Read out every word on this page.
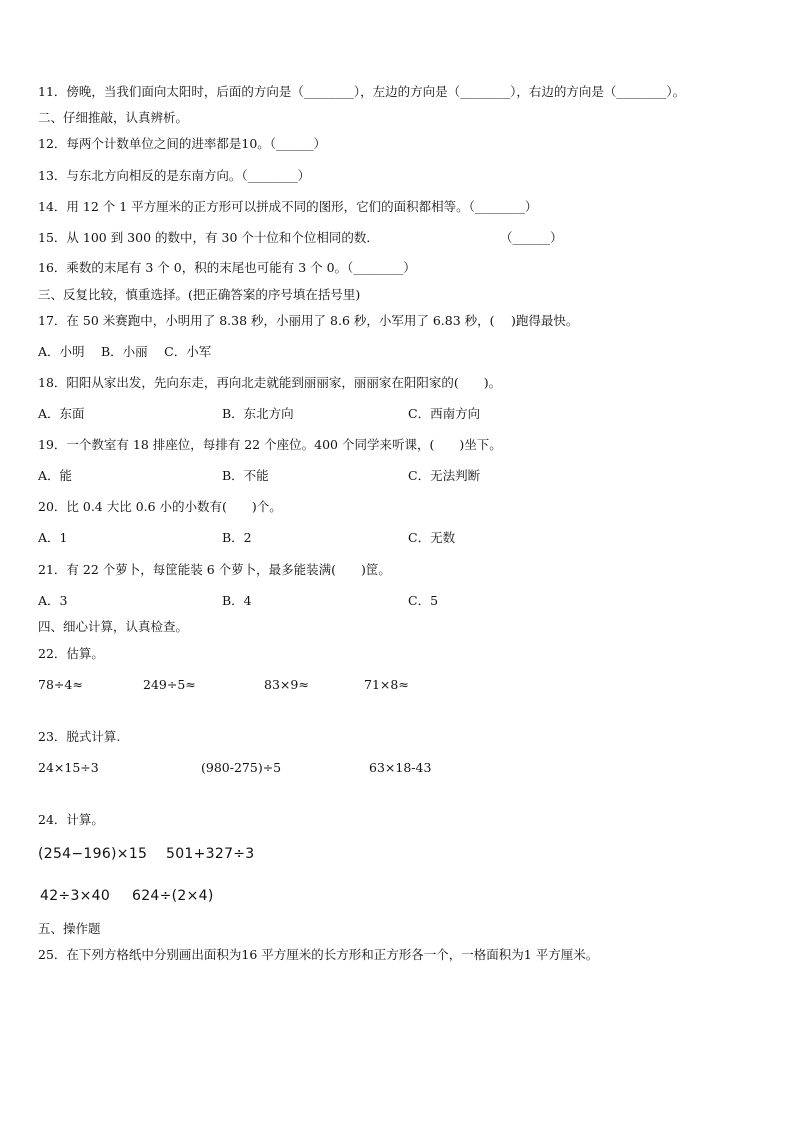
11．傍晚，当我们面向太阳时，后面的方向是（________），左边的方向是（________），右边的方向是（________）。
二、仔细推敲，认真辨析。
12．每两个计数单位之间的进率都是10。（______）
13．与东北方向相反的是东南方向。（________）
14．用 12 个 1 平方厘米的正方形可以拼成不同的图形，它们的面积都相等。（________）
15．从 100 到 300 的数中，有 30 个十位和个位相同的数．	（______）
16．乘数的末尾有 3 个 0，积的末尾也可能有 3 个 0。（________）
三、反复比较，慎重选择。(把正确答案的序号填在括号里)
17．在 50 米赛跑中，小明用了 8.38 秒，小丽用了 8.6 秒，小军用了 6.83 秒，(　 )跑得最快。
A．小明　 B．小丽　 C．小军
18．阳阳从家出发，先向东走，再向北走就能到丽丽家，丽丽家在阳阳家的(　　)。
A．东面	B．东北方向	C．西南方向
19．一个教室有 18 排座位，每排有 22 个座位。400 个同学来听课，(　　)坐下。
A．能	B．不能	C．无法判断
20．比 0.4 大比 0.6 小的小数有(　　)个。
A．1	B．2	C．无数
21．有 22 个萝卜，每筐能装 6 个萝卜，最多能装满(　　)筐。
A．3	B．4	C．5
四、细心计算，认真检查。
22．估算。
78÷4≈	249÷5≈	83×9≈	71×8≈
23．脱式计算.
24×15÷3	(980-275)÷5	63×18-43
24．计算。
(254−196)×15 501+327÷3
42÷3×40 624÷(2×4)
五、操作题
25．在下列方格纸中分别画出面积为16 平方厘米的长方形和正方形各一个，一格面积为1 平方厘米。
